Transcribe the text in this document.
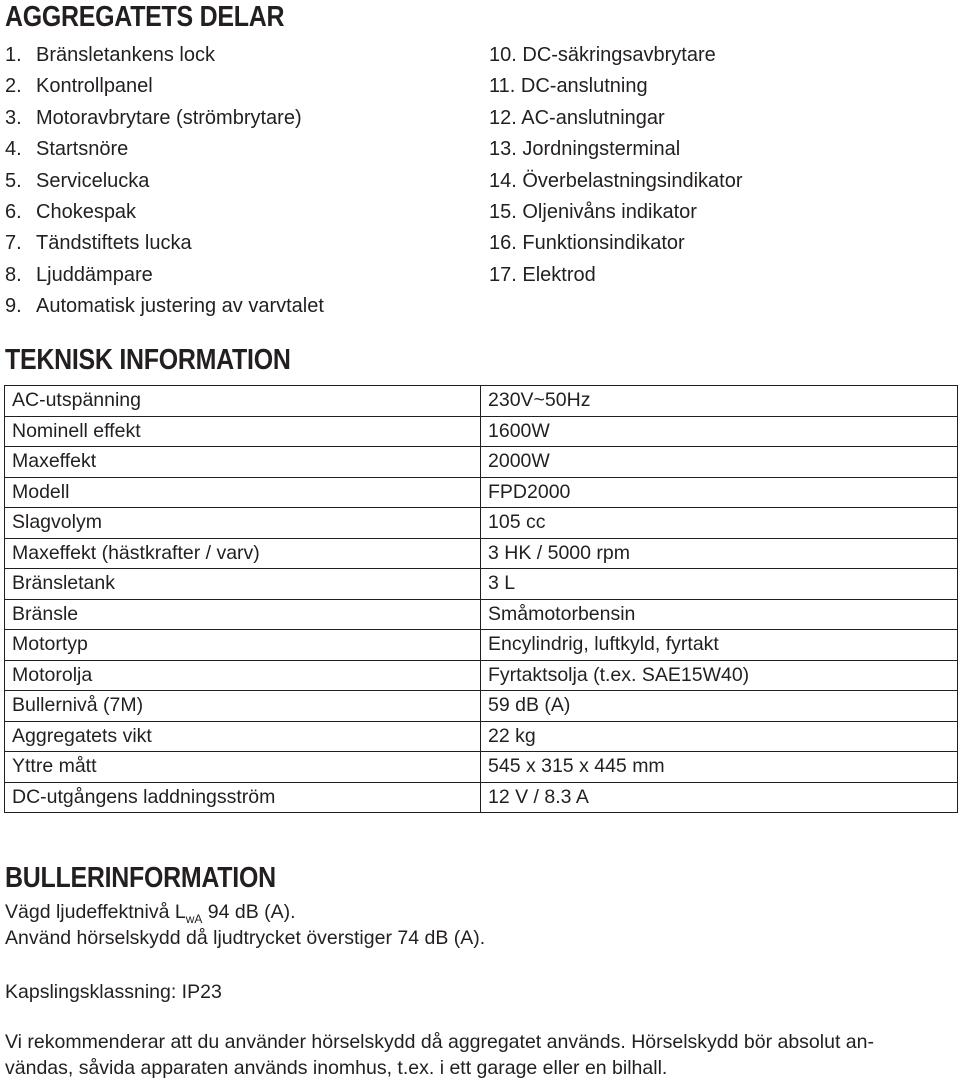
AGGREGATETS DELAR
1. Bränsletankens lock
2. Kontrollpanel
3. Motoravbrytare (strömbrytare)
4. Startsnöre
5. Servicelucka
6. Chokespak
7. Tändstiftets lucka
8. Ljuddämpare
9. Automatisk justering av varvtalet
10. DC-säkringsavbrytare
11. DC-anslutning
12. AC-anslutningar
13. Jordningsterminal
14. Överbelastningsindikator
15. Oljenivåns indikator
16. Funktionsindikator
17. Elektrod
TEKNISK INFORMATION
AC-utspänning	230V~50Hz
Nominell effekt	1600W
Maxeffekt	2000W
Modell	FPD2000
Slagvolym	105 cc
Maxeffekt (hästkrafter / varv)	3 HK / 5000 rpm
Bränsletank	3 L
Bränsle	Småmotorbensin
Motortyp	Encylindrig, luftkyld, fyrtakt
Motorolja	Fyrtaktsolja (t.ex. SAE15W40)
Bullernivå (7M)	59 dB (A)
Aggregatets vikt	22 kg
Yttre mått	545 x 315 x 445 mm
DC-utgångens laddningsström	12 V / 8.3 A
BULLERINFORMATION

Vägd ljudeffektnivå $L_{wA}$ 94 dB (A).

Använd hörselskydd då ljudtrycket överstiger 74 dB (A).

Kapslingsklassning: IP23

Vi rekommenderar att du använder hörselskydd då aggregatet används. Hörselskydd bör absolut an-

vändas, såvida apparaten används inomhus, t.ex. i ett garage eller en bilhall.
